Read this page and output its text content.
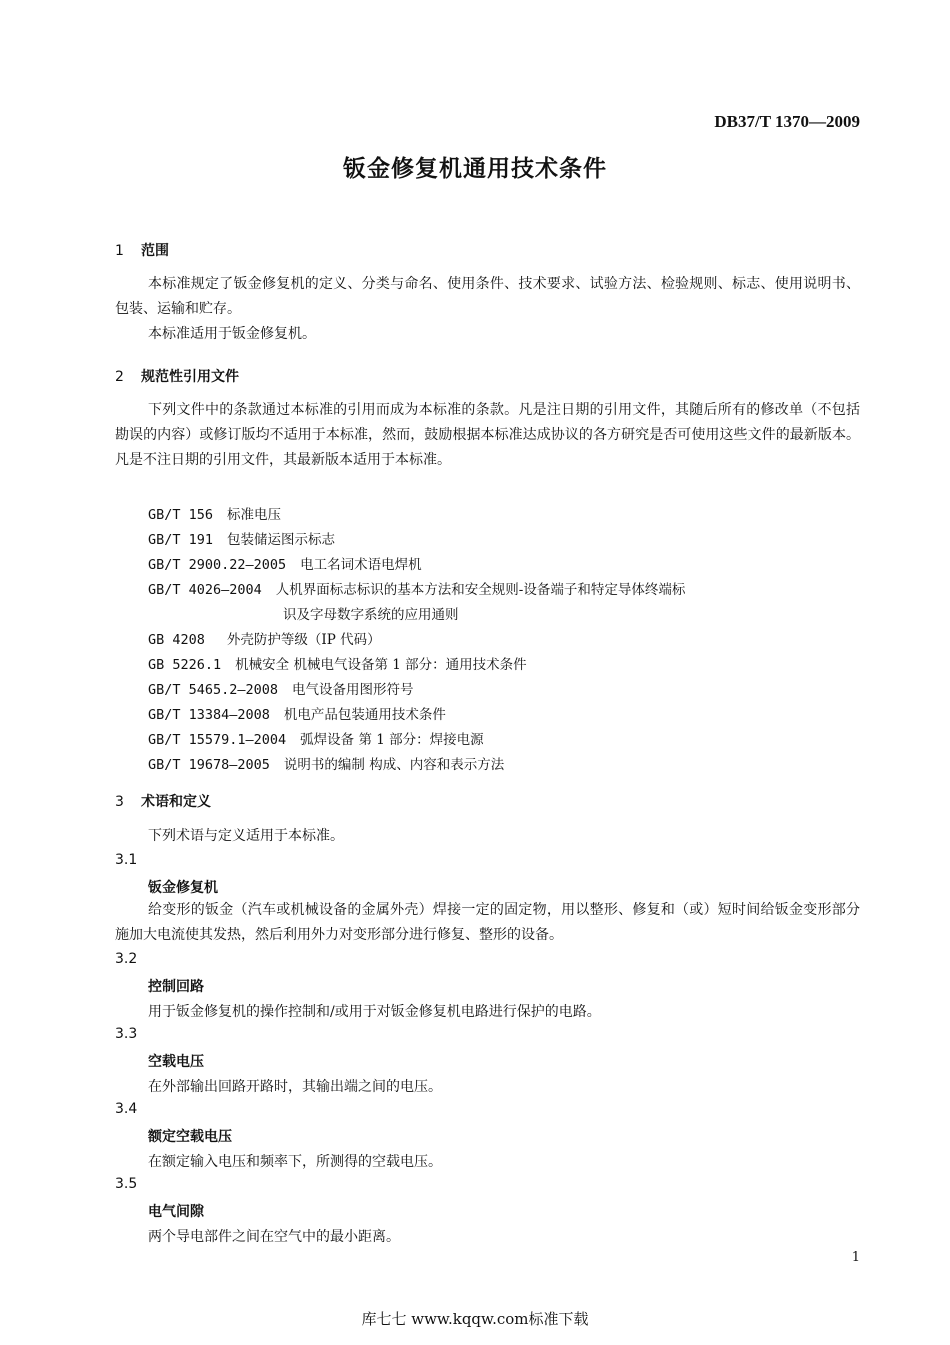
DB37/T 1370—2009
钣金修复机通用技术条件
1 范围

本标准规定了钣金修复机的定义、分类与命名、使用条件、技术要求、试验方法、检验规则、标志、使用说明书、包装、运输和贮存。

本标准适用于钣金修复机。

2 规范性引用文件

下列文件中的条款通过本标准的引用而成为本标准的条款。凡是注日期的引用文件，其随后所有的修改单（不包括勘误的内容）或修订版均不适用于本标准，然而，鼓励根据本标准达成协议的各方研究是否可使用这些文件的最新版本。凡是不注日期的引用文件，其最新版本适用于本标准。

GB/T 156 标准电压
GB/T 191 包装储运图示标志
GB/T 2900.22—2005 电工名词术语电焊机
GB/T 4026—2004 人机界面标志标识的基本方法和安全规则-设备端子和特定导体终端标
识及字母数字系统的应用通则
GB 4208 外壳防护等级（IP 代码）
GB 5226.1 机械安全 机械电气设备第 1 部分：通用技术条件
GB/T 5465.2—2008 电气设备用图形符号
GB/T 13384—2008 机电产品包装通用技术条件
GB/T 15579.1—2004 弧焊设备 第 1 部分：焊接电源
GB/T 19678—2005 说明书的编制 构成、内容和表示方法
3 术语和定义
下列术语与定义适用于本标准。
3.1
钣金修复机

给变形的钣金（汽车或机械设备的金属外壳）焊接一定的固定物，用以整形、修复和（或）短时间给钣金变形部分施加大电流使其发热，然后利用外力对变形部分进行修复、整形的设备。

3.2
控制回路
用于钣金修复机的操作控制和/或用于对钣金修复机电路进行保护的电路。
3.3
空载电压
在外部输出回路开路时，其输出端之间的电压。
3.4
额定空载电压
在额定输入电压和频率下，所测得的空载电压。
3.5
电气间隙
两个导电部件之间在空气中的最小距离。
1
库七七 www.kqqw.com标准下载
